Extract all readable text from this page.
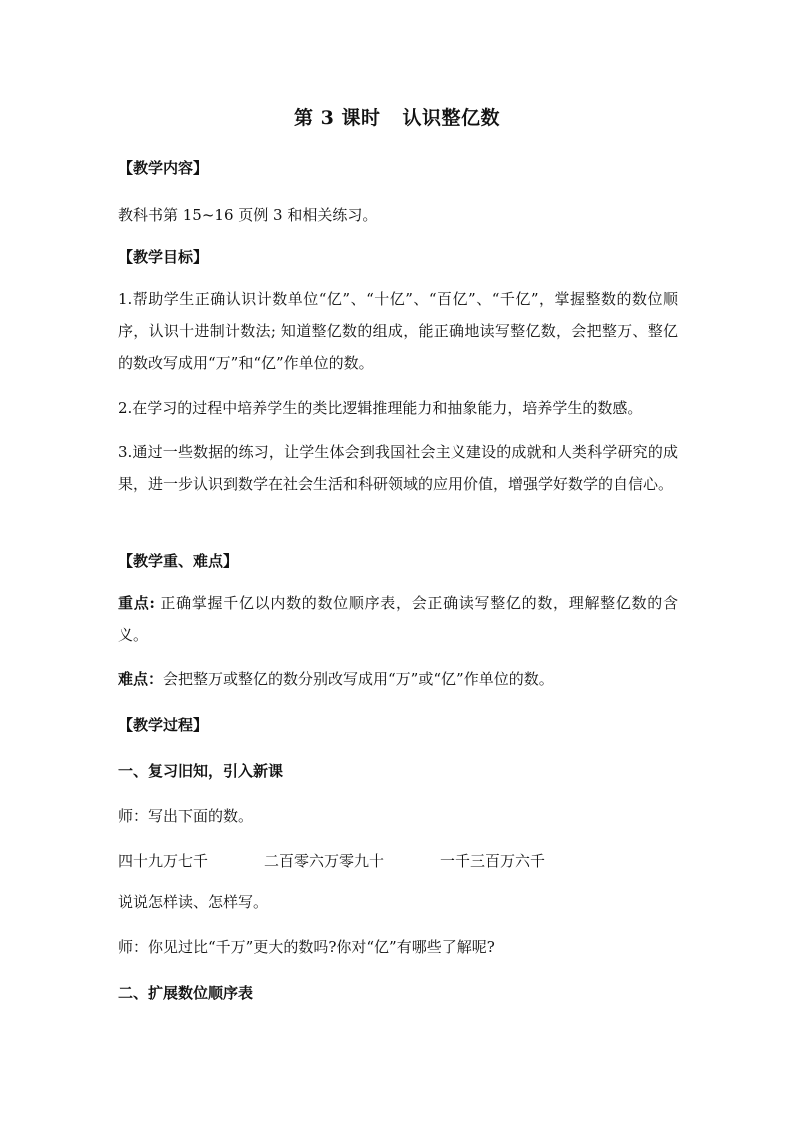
第 3 课时 认识整亿数
【教学内容】
教科书第 15~16 页例 3 和相关练习。
【教学目标】
1.帮助学生正确认识计数单位“亿”、“十亿”、“百亿”、“千亿”，掌握整数的数位顺序，认识十进制计数法; 知道整亿数的组成，能正确地读写整亿数，会把整万、整亿的数改写成用“万”和“亿”作单位的数。
2.在学习的过程中培养学生的类比逻辑推理能力和抽象能力，培养学生的数感。
3.通过一些数据的练习，让学生体会到我国社会主义建设的成就和人类科学研究的成果，进一步认识到数学在社会生活和科研领域的应用价值，增强学好数学的自信心。
【教学重、难点】
重点: 正确掌握千亿以内数的数位顺序表，会正确读写整亿的数，理解整亿数的含义。
难点：会把整万或整亿的数分别改写成用“万”或“亿”作单位的数。
【教学过程】
一、复习旧知，引入新课
师：写出下面的数。
四十九万七千	二百零六万零九十	一千三百万六千
说说怎样读、怎样写。
师：你见过比“千万”更大的数吗?你对“亿”有哪些了解呢?
二、扩展数位顺序表
